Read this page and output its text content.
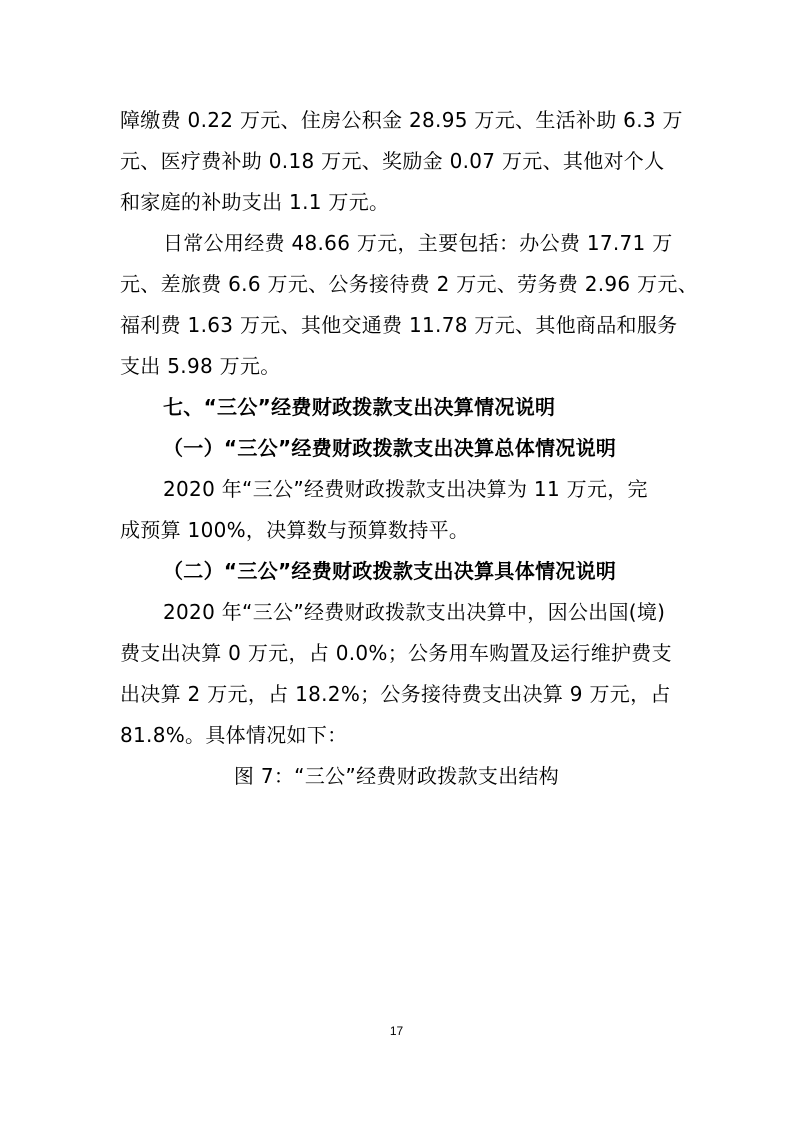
障缴费 0.22 万元、住房公积金 28.95 万元、生活补助 6.3 万
元、医疗费补助 0.18 万元、奖励金 0.07 万元、其他对个人
和家庭的补助支出 1.1 万元。
日常公用经费 48.66 万元，主要包括：办公费 17.71 万
元、差旅费 6.6 万元、公务接待费 2 万元、劳务费 2.96 万元、
福利费 1.63 万元、其他交通费 11.78 万元、其他商品和服务
支出 5.98 万元。
七、“三公”经费财政拨款支出决算情况说明
（一）“三公”经费财政拨款支出决算总体情况说明
2020 年“三公”经费财政拨款支出决算为 11 万元，完
成预算 100%，决算数与预算数持平。
（二）“三公”经费财政拨款支出决算具体情况说明
2020 年“三公”经费财政拨款支出决算中，因公出国(境)
费支出决算 0 万元，占 0.0%；公务用车购置及运行维护费支
出决算 2 万元，占 18.2%；公务接待费支出决算 9 万元，占
81.8%。具体情况如下：
图 7：“三公”经费财政拨款支出结构
17
